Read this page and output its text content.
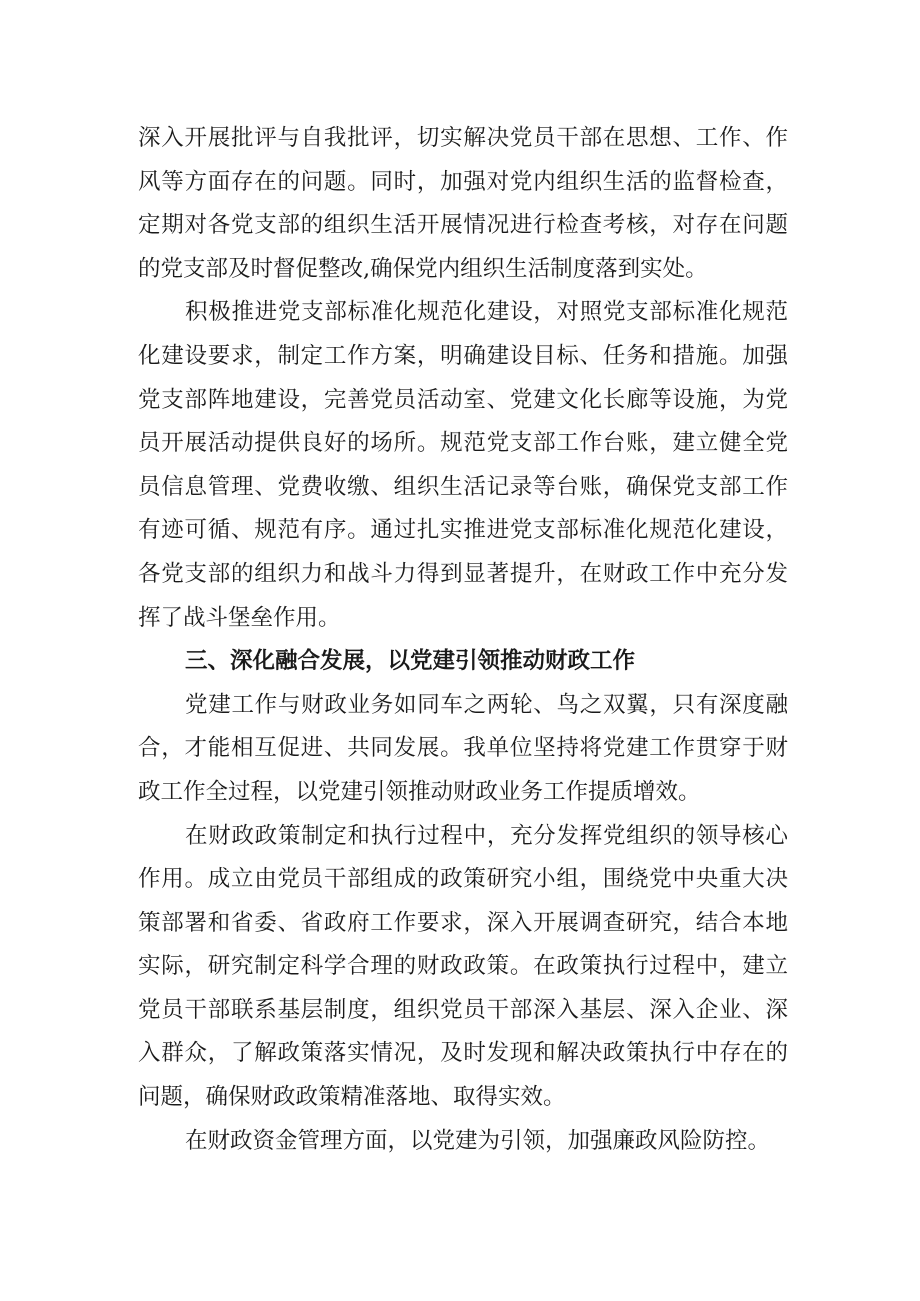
深入开展批评与自我批评，切实解决党员干部在思想、工作、作
风等方面存在的问题。同时，加强对党内组织生活的监督检查，
定期对各党支部的组织生活开展情况进行检查考核，对存在问题
的党支部及时督促整改,确保党内组织生活制度落到实处。
积极推进党支部标准化规范化建设，对照党支部标准化规范
化建设要求，制定工作方案，明确建设目标、任务和措施。加强
党支部阵地建设，完善党员活动室、党建文化长廊等设施，为党
员开展活动提供良好的场所。规范党支部工作台账，建立健全党
员信息管理、党费收缴、组织生活记录等台账，确保党支部工作
有迹可循、规范有序。通过扎实推进党支部标准化规范化建设，
各党支部的组织力和战斗力得到显著提升，在财政工作中充分发
挥了战斗堡垒作用。
三、深化融合发展，以党建引领推动财政工作
党建工作与财政业务如同车之两轮、鸟之双翼，只有深度融
合，才能相互促进、共同发展。我单位坚持将党建工作贯穿于财
政工作全过程，以党建引领推动财政业务工作提质增效。
在财政政策制定和执行过程中，充分发挥党组织的领导核心
作用。成立由党员干部组成的政策研究小组，围绕党中央重大决
策部署和省委、省政府工作要求，深入开展调查研究，结合本地
实际，研究制定科学合理的财政政策。在政策执行过程中，建立
党员干部联系基层制度，组织党员干部深入基层、深入企业、深
入群众，了解政策落实情况，及时发现和解决政策执行中存在的
问题，确保财政政策精准落地、取得实效。
在财政资金管理方面，以党建为引领，加强廉政风险防控。
